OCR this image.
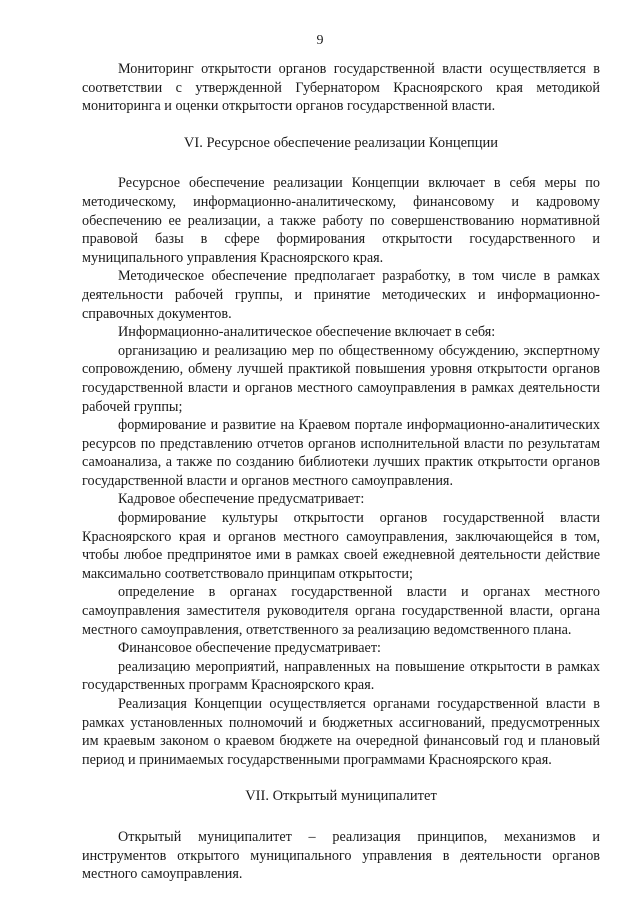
9

Мониторинг открытости органов государственной власти осуществляется в соответствии с утвержденной Губернатором Красноярского края методикой мониторинга и оценки открытости органов государственной власти.

VI. Ресурсное обеспечение реализации Концепции

Ресурсное обеспечение реализации Концепции включает в себя меры по методическому, информационно-аналитическому, финансовому и кадровому обеспечению ее реализации, а также работу по совершенствованию нормативной правовой базы в сфере формирования открытости государственного и муниципального управления Красноярского края.

Методическое обеспечение предполагает разработку, в том числе в рамках деятельности рабочей группы, и принятие методических и информационно-справочных документов.

Информационно-аналитическое обеспечение включает в себя:

организацию и реализацию мер по общественному обсуждению, экспертному сопровождению, обмену лучшей практикой повышения уровня открытости органов государственной власти и органов местного самоуправления в рамках деятельности рабочей группы;

формирование и развитие на Краевом портале информационно-аналитических ресурсов по представлению отчетов органов исполнительной власти по результатам самоанализа, а также по созданию библиотеки лучших практик открытости органов государственной власти и органов местного самоуправления.

Кадровое обеспечение предусматривает:

формирование культуры открытости органов государственной власти Красноярского края и органов местного самоуправления, заключающейся в том, чтобы любое предпринятое ими в рамках своей ежедневной деятельности действие максимально соответствовало принципам открытости;

определение в органах государственной власти и органах местного самоуправления заместителя руководителя органа государственной власти, органа местного самоуправления, ответственного за реализацию ведомственного плана.

Финансовое обеспечение предусматривает:

реализацию мероприятий, направленных на повышение открытости в рамках государственных программ Красноярского края.

Реализация Концепции осуществляется органами государственной власти в рамках установленных полномочий и бюджетных ассигнований, предусмотренных им краевым законом о краевом бюджете на очередной финансовый год и плановый период и принимаемых государственными программами Красноярского края.

VII. Открытый муниципалитет

Открытый муниципалитет – реализация принципов, механизмов и инструментов открытого муниципального управления в деятельности органов местного самоуправления.
